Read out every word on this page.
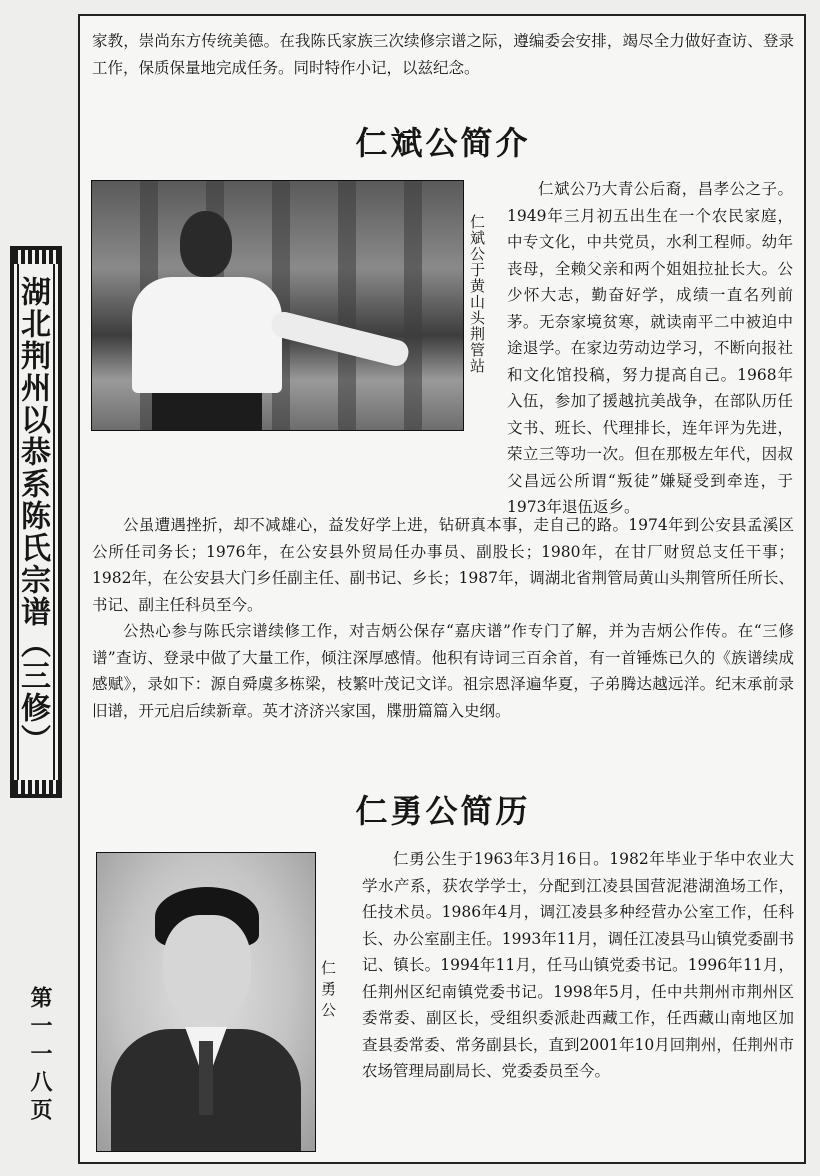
湖北荆州以恭系陈氏宗谱（三修）
第一一八页

家教，崇尚东方传统美德。在我陈氏家族三次续修宗谱之际，遵编委会安排，竭尽全力做好查访、登录工作，保质保量地完成任务。同时特作小记，以兹纪念。

仁斌公简介
仁斌公于黄山头荆管站

仁斌公乃大青公后裔，昌孝公之子。1949年三月初五出生在一个农民家庭，中专文化，中共党员，水利工程师。幼年丧母，全赖父亲和两个姐姐拉扯长大。公少怀大志，勤奋好学，成绩一直名列前茅。无奈家境贫寒，就读南平二中被迫中途退学。在家边劳动边学习，不断向报社和文化馆投稿，努力提高自己。1968年入伍，参加了援越抗美战争，在部队历任文书、班长、代理排长，连年评为先进，荣立三等功一次。但在那极左年代，因叔父昌远公所谓“叛徒”嫌疑受到牵连，于1973年退伍返乡。

公虽遭遇挫折，却不减雄心，益发好学上进，钻研真本事，走自己的路。1974年到公安县孟溪区公所任司务长；1976年，在公安县外贸局任办事员、副股长；1980年，在甘厂财贸总支任干事；1982年，在公安县大门乡任副主任、副书记、乡长；1987年，调湖北省荆管局黄山头荆管所任所长、书记、副主任科员至今。

公热心参与陈氏宗谱续修工作，对吉炳公保存“嘉庆谱”作专门了解，并为吉炳公作传。在“三修谱”查访、登录中做了大量工作，倾注深厚感情。他积有诗词三百余首，有一首锤炼已久的《族谱续成感赋》，录如下：源自舜虞多栋梁，枝繁叶茂记文详。祖宗恩泽遍华夏，子弟腾达越远洋。纪末承前录旧谱，开元启后续新章。英才济济兴家国，牒册篇篇入史纲。

仁勇公简历
仁勇公

仁勇公生于1963年3月16日。1982年毕业于华中农业大学水产系，获农学学士，分配到江凌县国营泥港湖渔场工作，任技术员。1986年4月，调江凌县多种经营办公室工作，任科长、办公室副主任。1993年11月，调任江凌县马山镇党委副书记、镇长。1994年11月，任马山镇党委书记。1996年11月，任荆州区纪南镇党委书记。1998年5月，任中共荆州市荆州区委常委、副区长，受组织委派赴西藏工作，任西藏山南地区加查县委常委、常务副县长，直到2001年10月回荆州，任荆州市农场管理局副局长、党委委员至今。
